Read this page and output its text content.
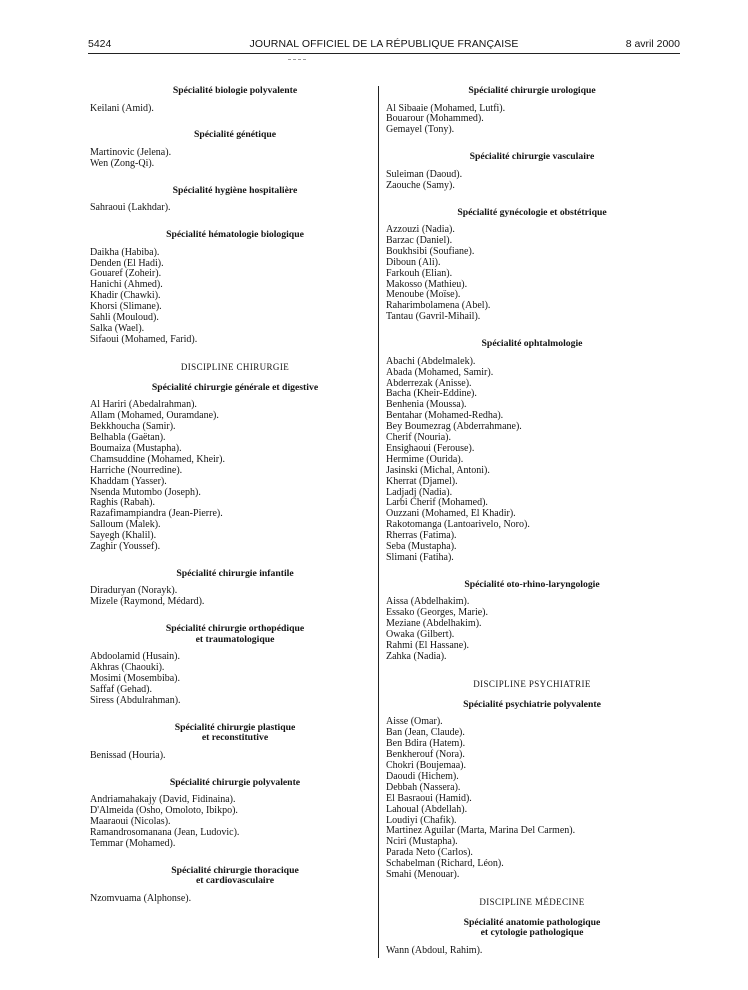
5424	JOURNAL OFFICIEL DE LA RÉPUBLIQUE FRANÇAISE	8 avril 2000
Spécialité biologie polyvalente
Keilani (Amid).
Spécialité génétique
Martinovic (Jelena).
Wen (Zong-Qi).
Spécialité hygiène hospitalière
Sahraoui (Lakhdar).
Spécialité hématologie biologique
Daikha (Habiba).
Denden (El Hadi).
Gouaref (Zoheir).
Hanichi (Ahmed).
Khadir (Chawki).
Khorsi (Slimane).
Sahli (Mouloud).
Salka (Wael).
Sifaoui (Mohamed, Farid).
DISCIPLINE CHIRURGIE
Spécialité chirurgie générale et digestive
Al Hariri (Abedalrahman).
Allam (Mohamed, Ouramdane).
Bekkhoucha (Samir).
Belhabla (Gaëtan).
Boumaiza (Mustapha).
Chamsuddine (Mohamed, Kheir).
Harriche (Nourredine).
Khaddam (Yasser).
Nsenda Mutombo (Joseph).
Raghis (Rabah).
Razafimampiandra (Jean-Pierre).
Salloum (Malek).
Sayegh (Khalil).
Zaghir (Youssef).
Spécialité chirurgie infantile
Diraduryan (Norayk).
Mizele (Raymond, Médard).
Spécialité chirurgie orthopédique
et traumatologique
Abdoolamid (Husain).
Akhras (Chaouki).
Mosimi (Mosembiba).
Saffaf (Gehad).
Siress (Abdulrahman).
Spécialité chirurgie plastique
et reconstitutive
Benissad (Houria).
Spécialité chirurgie polyvalente
Andriamahakajy (David, Fidinaina).
D'Almeida (Osho, Omoloto, Ibikpo).
Maaraoui (Nicolas).
Ramandrosomanana (Jean, Ludovic).
Temmar (Mohamed).
Spécialité chirurgie thoracique
et cardiovasculaire
Nzomvuama (Alphonse).
Spécialité chirurgie urologique
Al Sibaaie (Mohamed, Lutfi).
Bouarour (Mohammed).
Gemayel (Tony).
Spécialité chirurgie vasculaire
Suleiman (Daoud).
Zaouche (Samy).
Spécialité gynécologie et obstétrique
Azzouzi (Nadia).
Barzac (Daniel).
Boukhsibi (Soufiane).
Diboun (Ali).
Farkouh (Elian).
Makosso (Mathieu).
Menoube (Moïse).
Raharimbolamena (Abel).
Tantau (Gavril-Mihail).
Spécialité ophtalmologie
Abachi (Abdelmalek).
Abada (Mohamed, Samir).
Abderrezak (Anisse).
Bacha (Kheir-Eddine).
Benhenia (Moussa).
Bentahar (Mohamed-Redha).
Bey Boumezrag (Abderrahmane).
Cherif (Nouria).
Ensighaoui (Ferouse).
Hermime (Ourida).
Jasinski (Michal, Antoni).
Kherrat (Djamel).
Ladjadj (Nadia).
Larbi Cherif (Mohamed).
Ouzzani (Mohamed, El Khadir).
Rakotomanga (Lantoarivelo, Noro).
Rherras (Fatima).
Seba (Mustapha).
Slimani (Fatiha).
Spécialité oto-rhino-laryngologie
Aissa (Abdelhakim).
Essako (Georges, Marie).
Meziane (Abdelhakim).
Owaka (Gilbert).
Rahmi (El Hassane).
Zahka (Nadia).
DISCIPLINE PSYCHIATRIE
Spécialité psychiatrie polyvalente
Aisse (Omar).
Ban (Jean, Claude).
Ben Bdira (Hatem).
Benkherouf (Nora).
Chokri (Boujemaa).
Daoudi (Hichem).
Debbah (Nassera).
El Basraoui (Hamid).
Lahoual (Abdellah).
Loudiyi (Chafik).
Martinez Aguilar (Marta, Marina Del Carmen).
Nciri (Mustapha).
Parada Neto (Carlos).
Schabelman (Richard, Léon).
Smahi (Menouar).
DISCIPLINE MÉDECINE
Spécialité anatomie pathologique
et cytologie pathologique
Wann (Abdoul, Rahim).
